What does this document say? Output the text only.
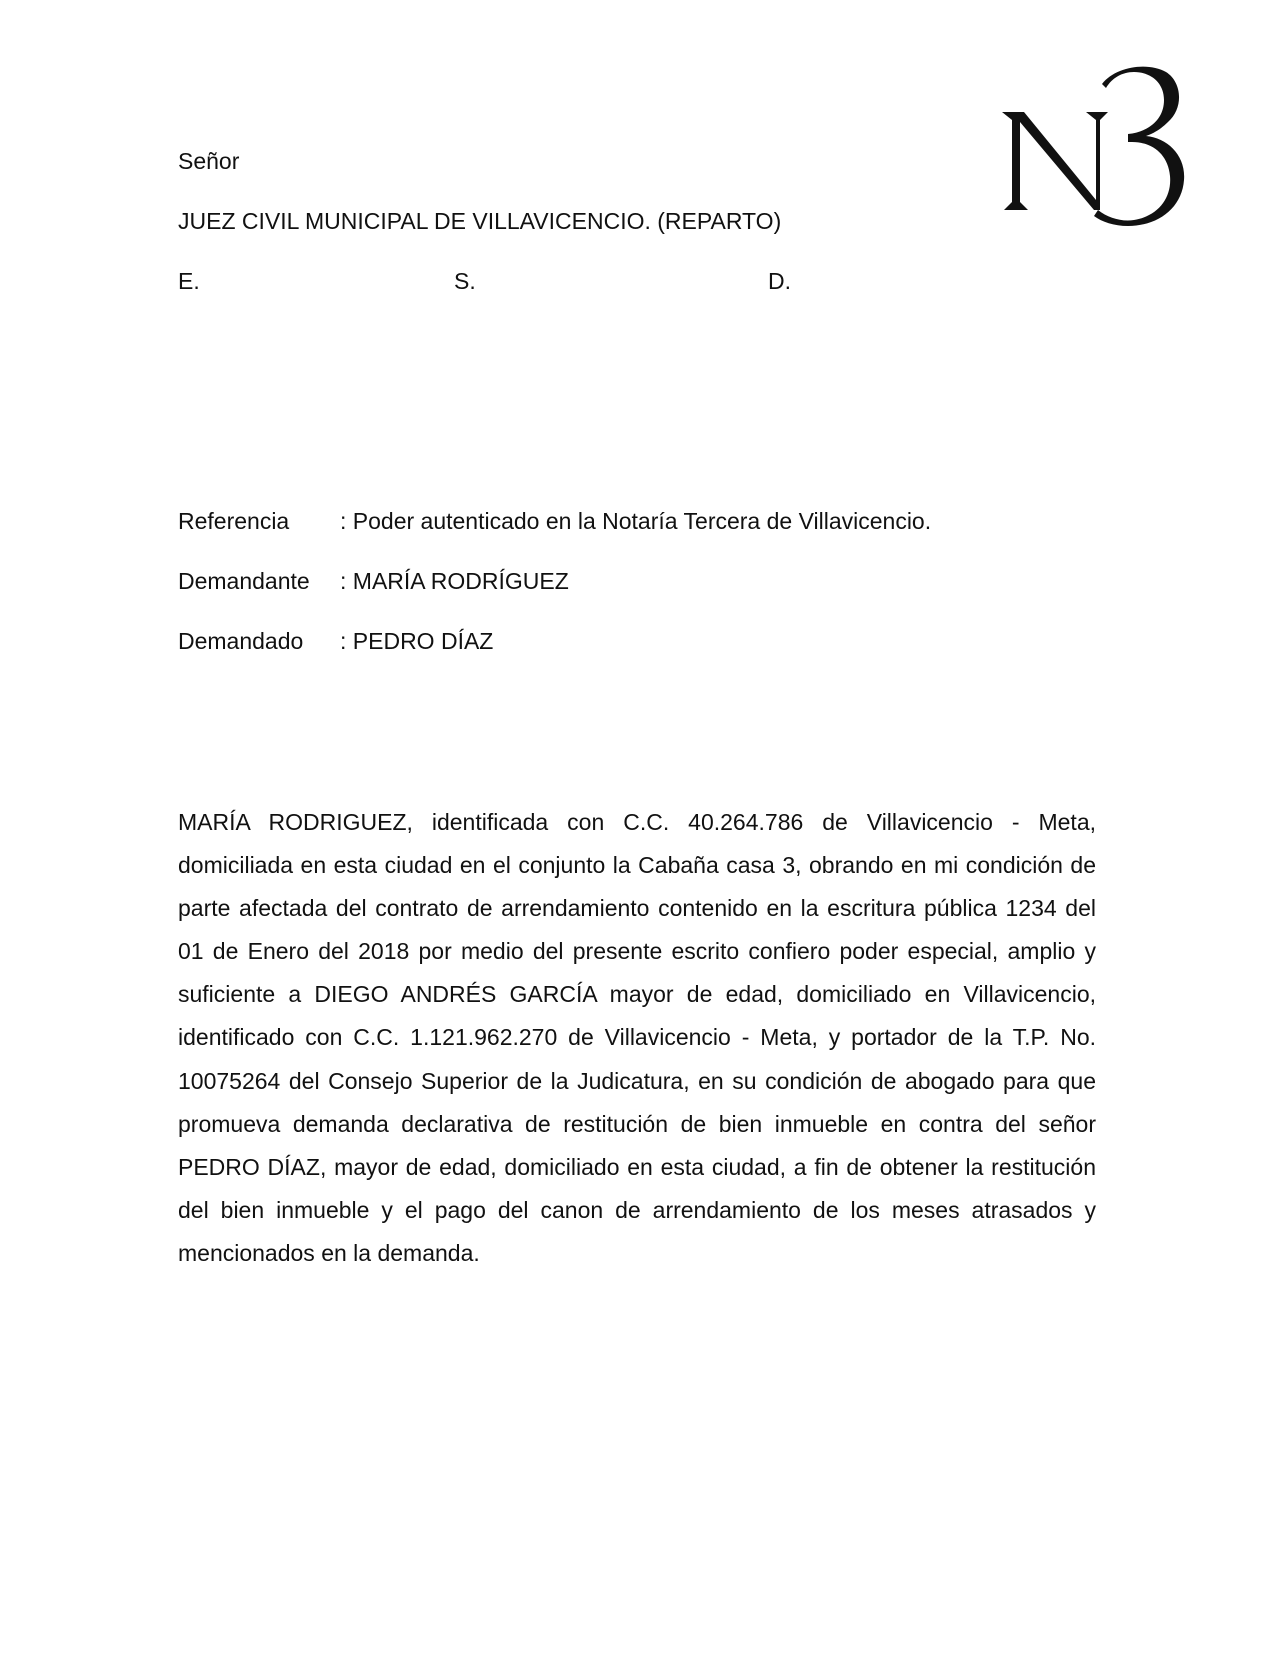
Señor
JUEZ CIVIL MUNICIPAL DE VILLAVICENCIO. (REPARTO)
E.	S.	D.
Referencia : Poder autenticado en la Notaría Tercera de Villavicencio.
Demandante : MARÍA RODRÍGUEZ
Demandado : PEDRO DÍAZ

MARÍA RODRIGUEZ, identificada con C.C. 40.264.786 de Villavicencio - Meta, domiciliada en esta ciudad en el conjunto la Cabaña casa 3, obrando en mi condición de parte afectada del contrato de arrendamiento contenido en la escritura pública 1234 del 01 de Enero del 2018 por medio del presente escrito confiero poder especial, amplio y suficiente a DIEGO ANDRÉS GARCÍA mayor de edad, domiciliado en Villavicencio, identificado con C.C. 1.121.962.270 de Villavicencio - Meta, y portador de la T.P. No. 10075264 del Consejo Superior de la Judicatura, en su condición de abogado para que promueva demanda declarativa de restitución de bien inmueble en contra del señor PEDRO DÍAZ, mayor de edad, domiciliado en esta ciudad, a fin de obtener la restitución del bien inmueble y el pago del canon de arrendamiento de los meses atrasados y mencionados en la demanda.
